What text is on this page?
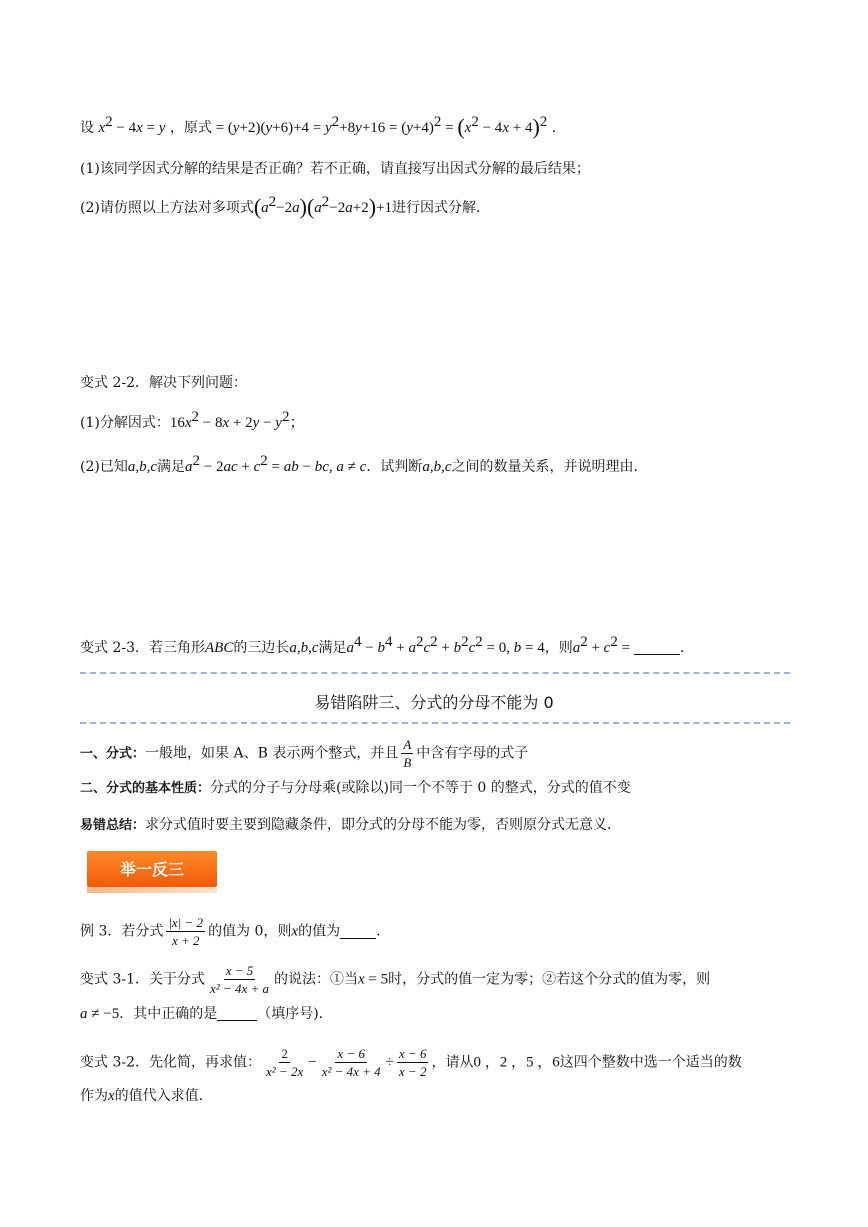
设 $x^2 - 4x = y$ ，原式 = $(y+2)(y+6)+4 = y^2+8y+16 = (y+4)^2 = (x^2 - 4x + 4)^2$ ．
(1)该同学因式分解的结果是否正确？若不正确，请直接写出因式分解的最后结果；
(2)请仿照以上方法对多项式$(a^2-2a)(a^2-2a+2)+1$进行因式分解．
变式 2-2．解决下列问题：
(1)分解因式：$16x^2 - 8x + 2y - y^2$；
(2)已知a,b,c满足$a^2 - 2ac + c^2$ = ab − bc, a ≠ c．试判断a,b,c之间的数量关系，并说明理由．
变式 2-3．若三角形ABC的三边长a,b,c满足$a^4 - b^4 + a^2c^2 + b^2c^2 = 0$, b = 4，则$a^2 + c^2$ =	．
易错陷阱三、分式的分母不能为 0
一、分式：一般地，如果 A、B 表示两个整式，并且 $\frac{A}{B}$ 中含有字母的式子
二、分式的基本性质：分式的分子与分母乘(或除以)同一个不等于 0 的整式，分式的值不变
易错总结：求分式值时要主要到隐藏条件，即分式的分母不能为零，否则原分式无意义．
举一反三
例 3．若分式 $\frac{|x| - 2}{x + 2}$ 的值为 0，则x的值为	．
变式 3-1．关于分式 $\frac{x - 5}{\text{x² − 4x + a}}$ 的说法：①当x = 5时，分式的值一定为零；②若这个分式的值为零，则
a ≠ −5．其中正确的是	（填序号)．
变式 3-2．先化简，再求值： $\frac{2}{\text{x² − 2x}} - \frac{x - 6}{\text{x² − 4x + 4}} \div \frac{x - 6}{x - 2}$ ，请从0 ，2 ，5 ，6这四个整数中选一个适当的数
作为x的值代入求值．
